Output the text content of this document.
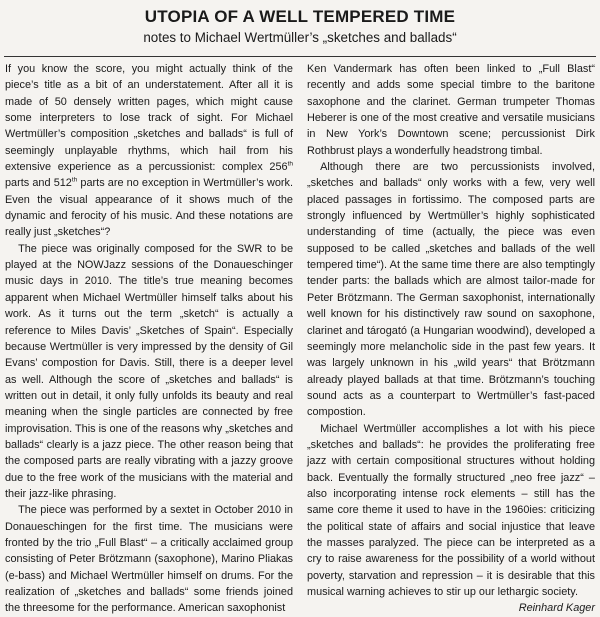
UTOPIA OF A WELL TEMPERED TIME

notes to Michael Wertmüller’s „sketches and ballads“

If you know the score, you might actually think of the piece’s title as a bit of an understatement. After all it is made of 50 densely written pages, which might cause some interpreters to lose track of sight. For Michael Wertmüller’s composition „sketches and ballads“ is full of seemingly unplayable rhythms, which hail from his extensive experience as a percussionist: complex 256th parts and 512th parts are no exception in Wertmüller’s work. Even the visual appearance of it shows much of the dynamic and ferocity of his music. And these notations are really just „sketches“?

The piece was originally composed for the SWR to be played at the NOWJazz sessions of the Donaueschinger music days in 2010. The title’s true meaning becomes apparent when Michael Wertmüller himself talks about his work. As it turns out the term „sketch“ is actually a reference to Miles Davis’ „Sketches of Spain“. Especially because Wertmüller is very impressed by the density of Gil Evans’ compostion for Davis. Still, there is a deeper level as well. Although the score of „sketches and ballads“ is written out in detail, it only fully unfolds its beauty and real meaning when the single particles are connected by free improvisation. This is one of the reasons why „sketches and ballads“ clearly is a jazz piece. The other reason being that the composed parts are really vibrating with a jazzy groove due to the free work of the musicians with the material and their jazz-like phrasing.

The piece was performed by a sextet in October 2010 in Donaueschingen for the first time. The musicians were fronted by the trio „Full Blast“ – a critically acclaimed group consisting of Peter Brötzmann (saxophone), Marino Pliakas (e-bass) and Michael Wertmüller himself on drums. For the realization of „sketches and ballads“ some friends joined the threesome for the performance. American saxophonist

Ken Vandermark has often been linked to „Full Blast“ recently and adds some special timbre to the baritone saxophone and the clarinet. German trumpeter Thomas Heberer is one of the most creative and versatile musicians in New York’s Downtown scene; percussionist Dirk Rothbrust plays a wonderfully headstrong timbal.

Although there are two percussionists involved, „sketches and ballads“ only works with a few, very well placed passages in fortissimo. The composed parts are strongly influenced by Wertmüller’s highly sophisticated understanding of time (actually, the piece was even supposed to be called „sketches and ballads of the well tempered time“). At the same time there are also temptingly tender parts: the ballads which are almost tailor-made for Peter Brötzmann. The German saxophonist, internationally well known for his distinctively raw sound on saxophone, clarinet and tárogató (a Hungarian woodwind), developed a seemingly more melancholic side in the past few years. It was largely unknown in his „wild years“ that Brötzmann already played ballads at that time. Brötzmann’s touching sound acts as a counterpart to Wertmüller’s fast-paced compostion.

Michael Wertmüller accomplishes a lot with his piece „sketches and ballads“: he provides the proliferating free jazz with certain compositional structures without holding back. Eventually the formally structured „neo free jazz“ – also incorporating intense rock elements – still has the same core theme it used to have in the 1960ies: criticizing the political state of affairs and social injustice that leave the masses paralyzed. The piece can be interpreted as a cry to raise awareness for the possibility of a world without poverty, starvation and repression – it is desirable that this musical warning achieves to stir up our lethargic society.

Reinhard Kager
